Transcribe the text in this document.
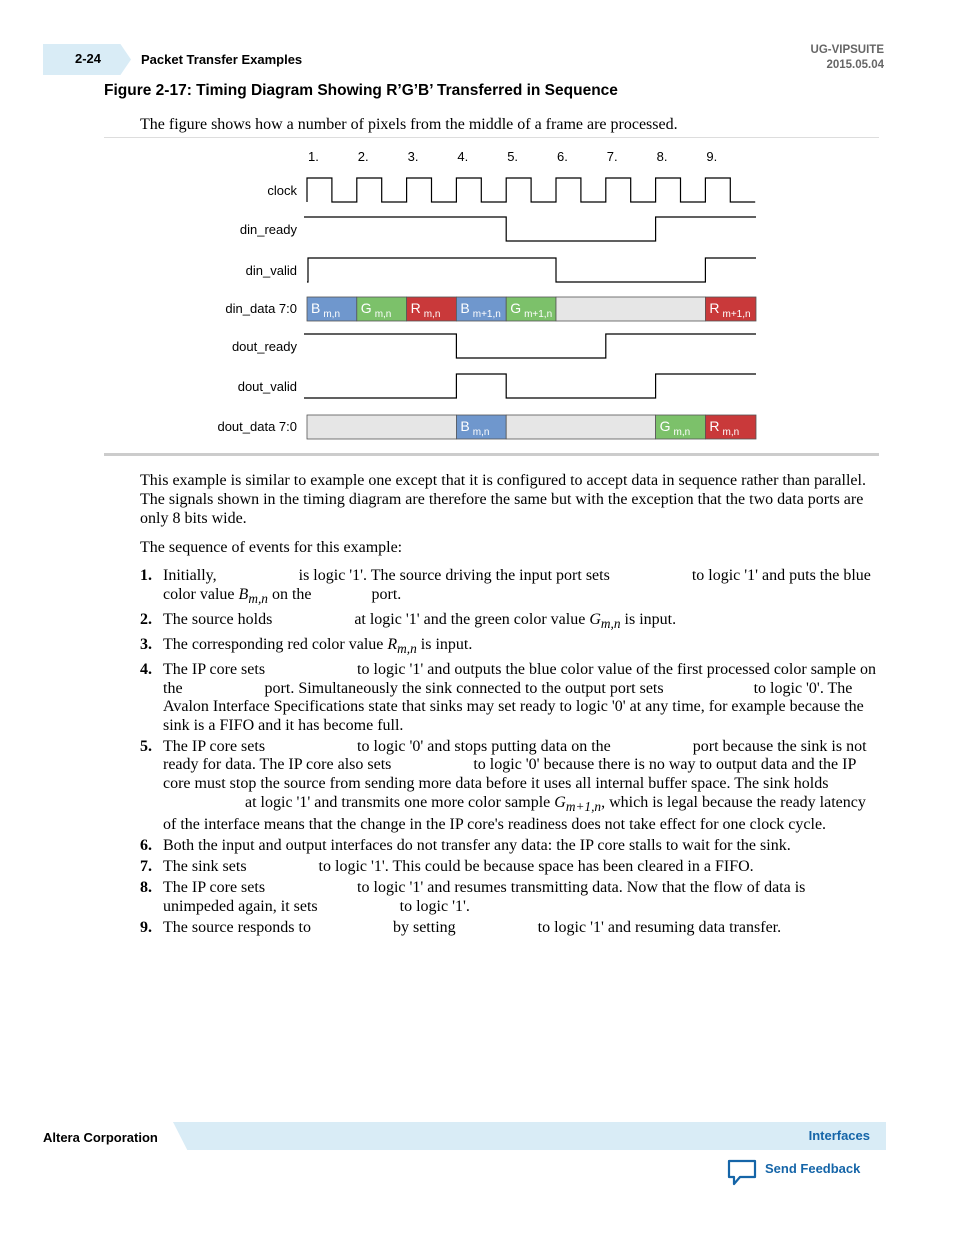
2-24	Packet Transfer Examples
UG-VIPSUITE
2015.05.04
Figure 2-17: Timing Diagram Showing R’G’B’ Transferred in Sequence
The figure shows how a number of pixels from the middle of a frame are processed.
1.	2.	3.	4.	5.	6.	7.	8.	9.
clock
din_ready
din_valid
din_data 7:0
dout_ready
dout_valid
dout_data 7:0
B $_{m,n}$ G $_{m,n}$ R $_{m,n}$ B $_{m+1,n}$ G $_{m+1,n}$	R $_{m+1,n}$
B $_{m,n}$	G $_{m,n}$ R $_{m,n}$
This example is similar to example one except that it is configured to accept data in sequence rather than parallel. The signals shown in the timing diagram are therefore the same but with the exception that the two data ports are only 8 bits wide.
The sequence of events for this example:
1. Initially,	is logic '1'. The source driving the input port sets	to logic '1' and puts the blue color value $B_{m,n}$ on the	port.
2. The source holds	at logic '1' and the green color value $G_{m,n}$ is input.
3. The corresponding red color value $R_{m,n}$ is input.
4. The IP core sets	to logic '1' and outputs the blue color value of the first processed color sample on the	port. Simultaneously the sink connected to the output port sets	to logic '0'. The Avalon Interface Specifications state that sinks may set ready to logic '0' at any time, for example because the sink is a FIFO and it has become full.
5. The IP core sets	to logic '0' and stops putting data on the	port because the sink is not ready for data. The IP core also sets	to logic '0' because there is no way to output data and the IP core must stop the source from sending more data before it uses all internal buffer space. The sink holdsat logic '1' and transmits one more color sample $G_{m+1,n}$, which is legal because the ready latency of the interface means that the change in the IP core's readiness does not take effect for one clock cycle.
6. Both the input and output interfaces do not transfer any data: the IP core stalls to wait for the sink.
7. The sink sets	to logic '1'. This could be because space has been cleared in a FIFO.
8. The IP core sets	to logic '1' and resumes transmitting data. Now that the flow of data is unimpeded again, it sets	to logic '1'.
9. The source responds to	by setting	to logic '1' and resuming data transfer.
Altera Corporation	Interfaces
Send Feedback
